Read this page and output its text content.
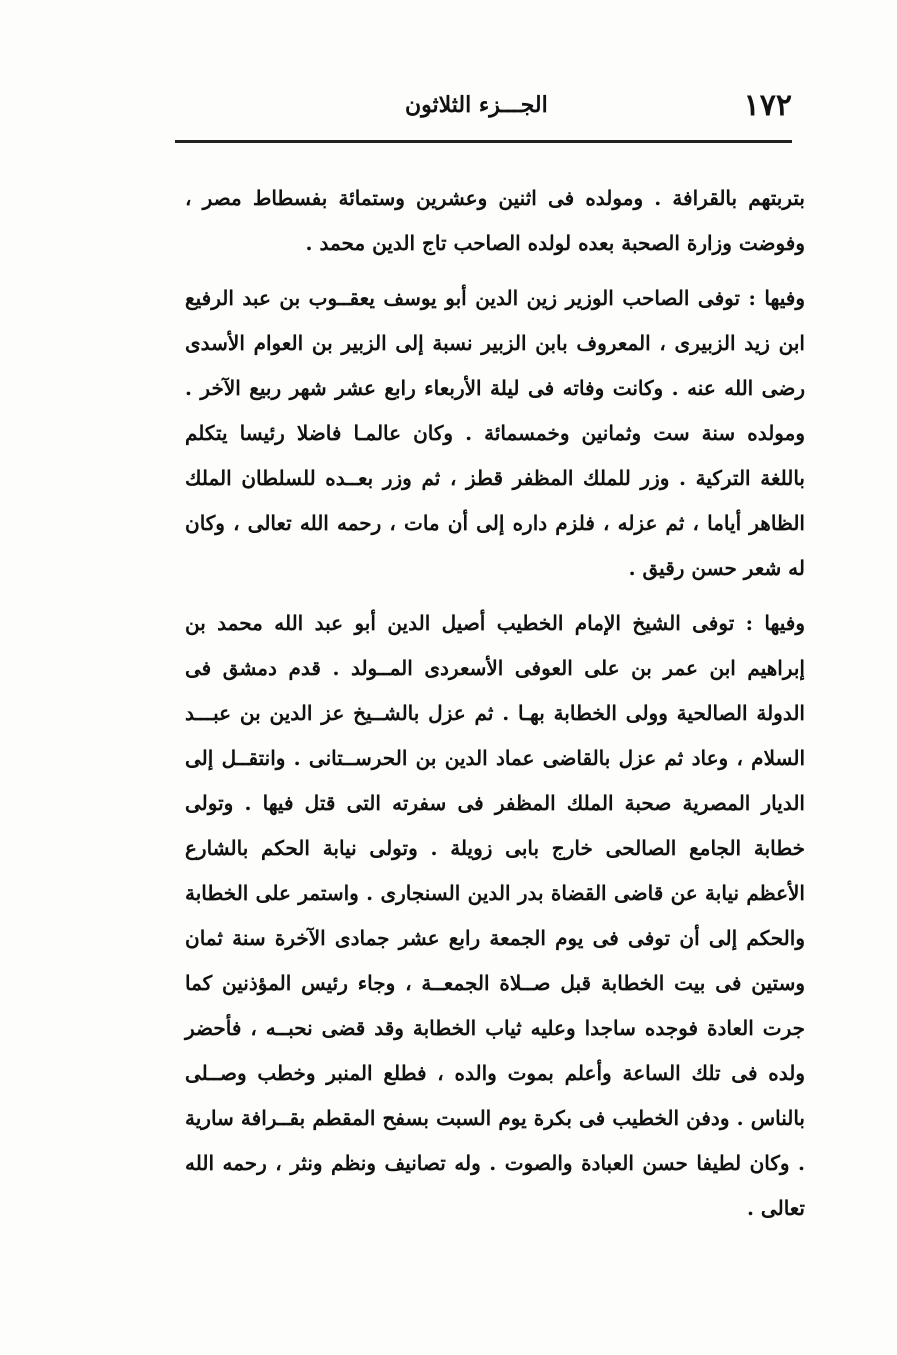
١٧٢
الجـــزء الثلاثون

بتربتهم بالقرافة . ومولده فى اثنين وعشرين وستمائة بفسطاط مصر ، وفوضت وزارة الصحبة بعده لولده الصاحب تاج الدين محمد .

وفيها : توفى الصاحب الوزير زين الدين أبو يوسف يعقــوب بن عبد الرفيع ابن زيد الزبيرى ، المعروف بابن الزبير نسبة إلى الزبير بن العوام الأسدى رضى الله عنه . وكانت وفاته فى ليلة الأربعاء رابع عشر شهر ربيع الآخر . ومولده سنة ست وثمانين وخمسمائة . وكان عالمـا فاضلا رئيسا يتكلم باللغة التركية . وزر للملك المظفر قطز ، ثم وزر بعــده للسلطان الملك الظاهر أياما ، ثم عزله ، فلزم داره إلى أن مات ، رحمه الله تعالى ، وكان له شعر حسن رقيق .

وفيها : توفى الشيخ الإمام الخطيب أصيل الدين أبو عبد الله محمد بن إبراهيم ابن عمر بن على العوفى الأسعردى المــولد . قدم دمشق فى الدولة الصالحية وولى الخطابة بهـا . ثم عزل بالشــيخ عز الدين بن عبـــد السلام ، وعاد ثم عزل بالقاضى عماد الدين بن الحرســتانى . وانتقــل إلى الديار المصرية صحبة الملك المظفر فى سفرته التى قتل فيها . وتولى خطابة الجامع الصالحى خارج بابى زويلة . وتولى نيابة الحكم بالشارع الأعظم نيابة عن قاضى القضاة بدر الدين السنجارى . واستمر على الخطابة والحكم إلى أن توفى فى يوم الجمعة رابع عشر جمادى الآخرة سنة ثمان وستين فى بيت الخطابة قبل صــلاة الجمعــة ، وجاء رئيس المؤذنين كما جرت العادة فوجده ساجدا وعليه ثياب الخطابة وقد قضى نحبــه ، فأحضر ولده فى تلك الساعة وأعلم بموت والده ، فطلع المنبر وخطب وصــلى بالناس . ودفن الخطيب فى بكرة يوم السبت بسفح المقطم بقــرافة سارية . وكان لطيفا حسن العبادة والصوت . وله تصانيف ونظم ونثر ، رحمه الله تعالى .
